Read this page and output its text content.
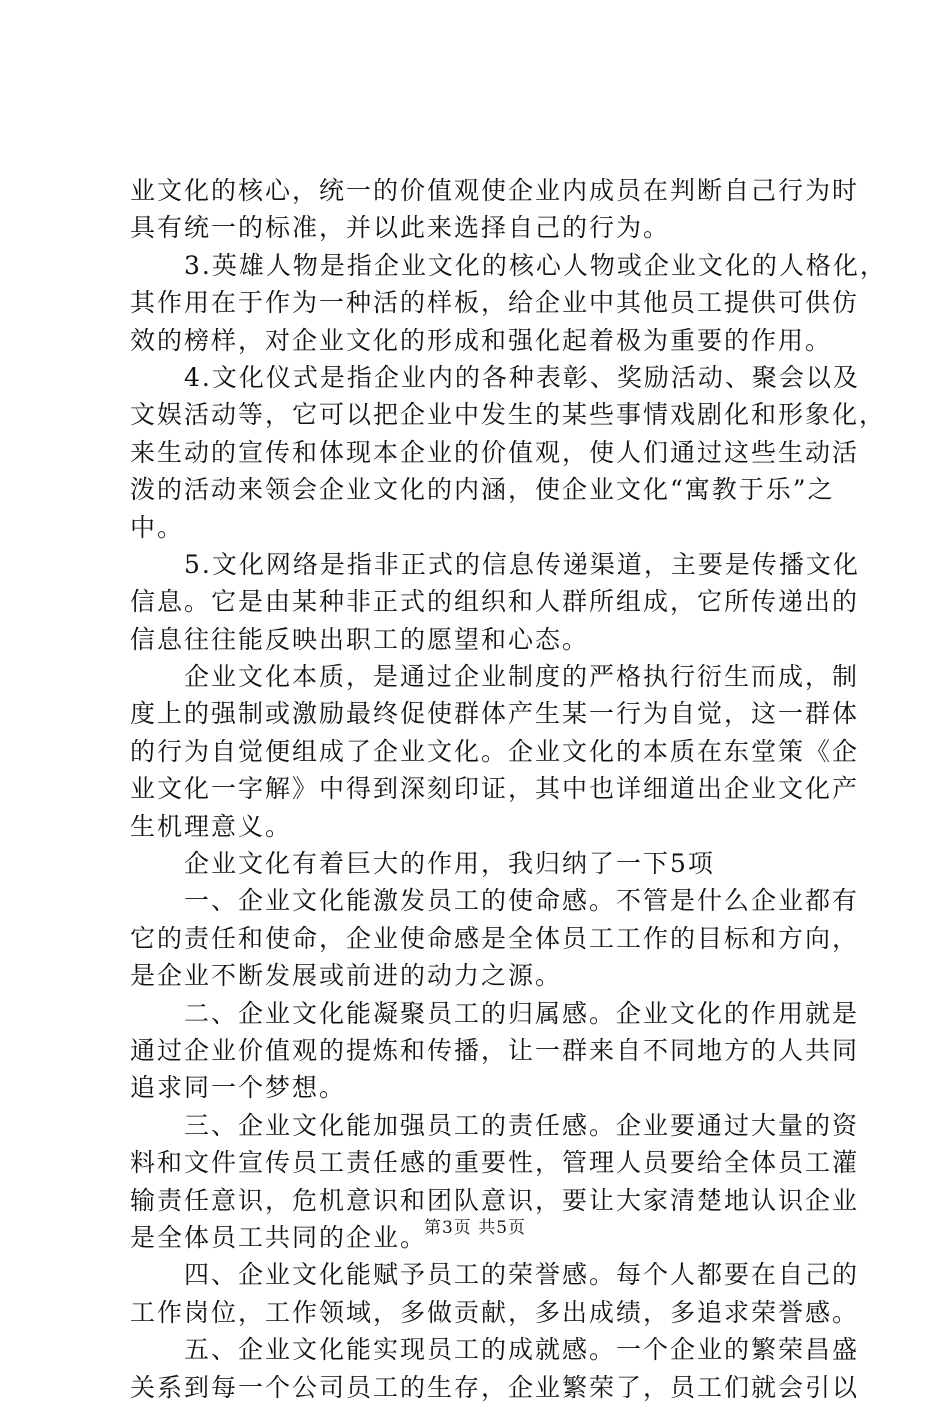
业文化的核心，统一的价值观使企业内成员在判断自己行为时
具有统一的标准，并以此来选择自己的行为。
　　3.英雄人物是指企业文化的核心人物或企业文化的人格化，
其作用在于作为一种活的样板，给企业中其他员工提供可供仿
效的榜样，对企业文化的形成和强化起着极为重要的作用。
　　4.文化仪式是指企业内的各种表彰、奖励活动、聚会以及
文娱活动等，它可以把企业中发生的某些事情戏剧化和形象化，
来生动的宣传和体现本企业的价值观，使人们通过这些生动活
泼的活动来领会企业文化的内涵，使企业文化“寓教于乐”之
中。
　　5.文化网络是指非正式的信息传递渠道，主要是传播文化
信息。它是由某种非正式的组织和人群所组成，它所传递出的
信息往往能反映出职工的愿望和心态。
　　企业文化本质，是通过企业制度的严格执行衍生而成，制
度上的强制或激励最终促使群体产生某一行为自觉，这一群体
的行为自觉便组成了企业文化。企业文化的本质在东堂策《企
业文化一字解》中得到深刻印证，其中也详细道出企业文化产
生机理意义。
　　企业文化有着巨大的作用，我归纳了一下5项
　　一、企业文化能激发员工的使命感。不管是什么企业都有
它的责任和使命，企业使命感是全体员工工作的目标和方向，
是企业不断发展或前进的动力之源。
　　二、企业文化能凝聚员工的归属感。企业文化的作用就是
通过企业价值观的提炼和传播，让一群来自不同地方的人共同
追求同一个梦想。
　　三、企业文化能加强员工的责任感。企业要通过大量的资
料和文件宣传员工责任感的重要性，管理人员要给全体员工灌
输责任意识，危机意识和团队意识，要让大家清楚地认识企业
是全体员工共同的企业。
　　四、企业文化能赋予员工的荣誉感。每个人都要在自己的
工作岗位，工作领域，多做贡献，多出成绩，多追求荣誉感。
　　五、企业文化能实现员工的成就感。一个企业的繁荣昌盛
关系到每一个公司员工的生存，企业繁荣了，员工们就会引以
第3页 共5页
